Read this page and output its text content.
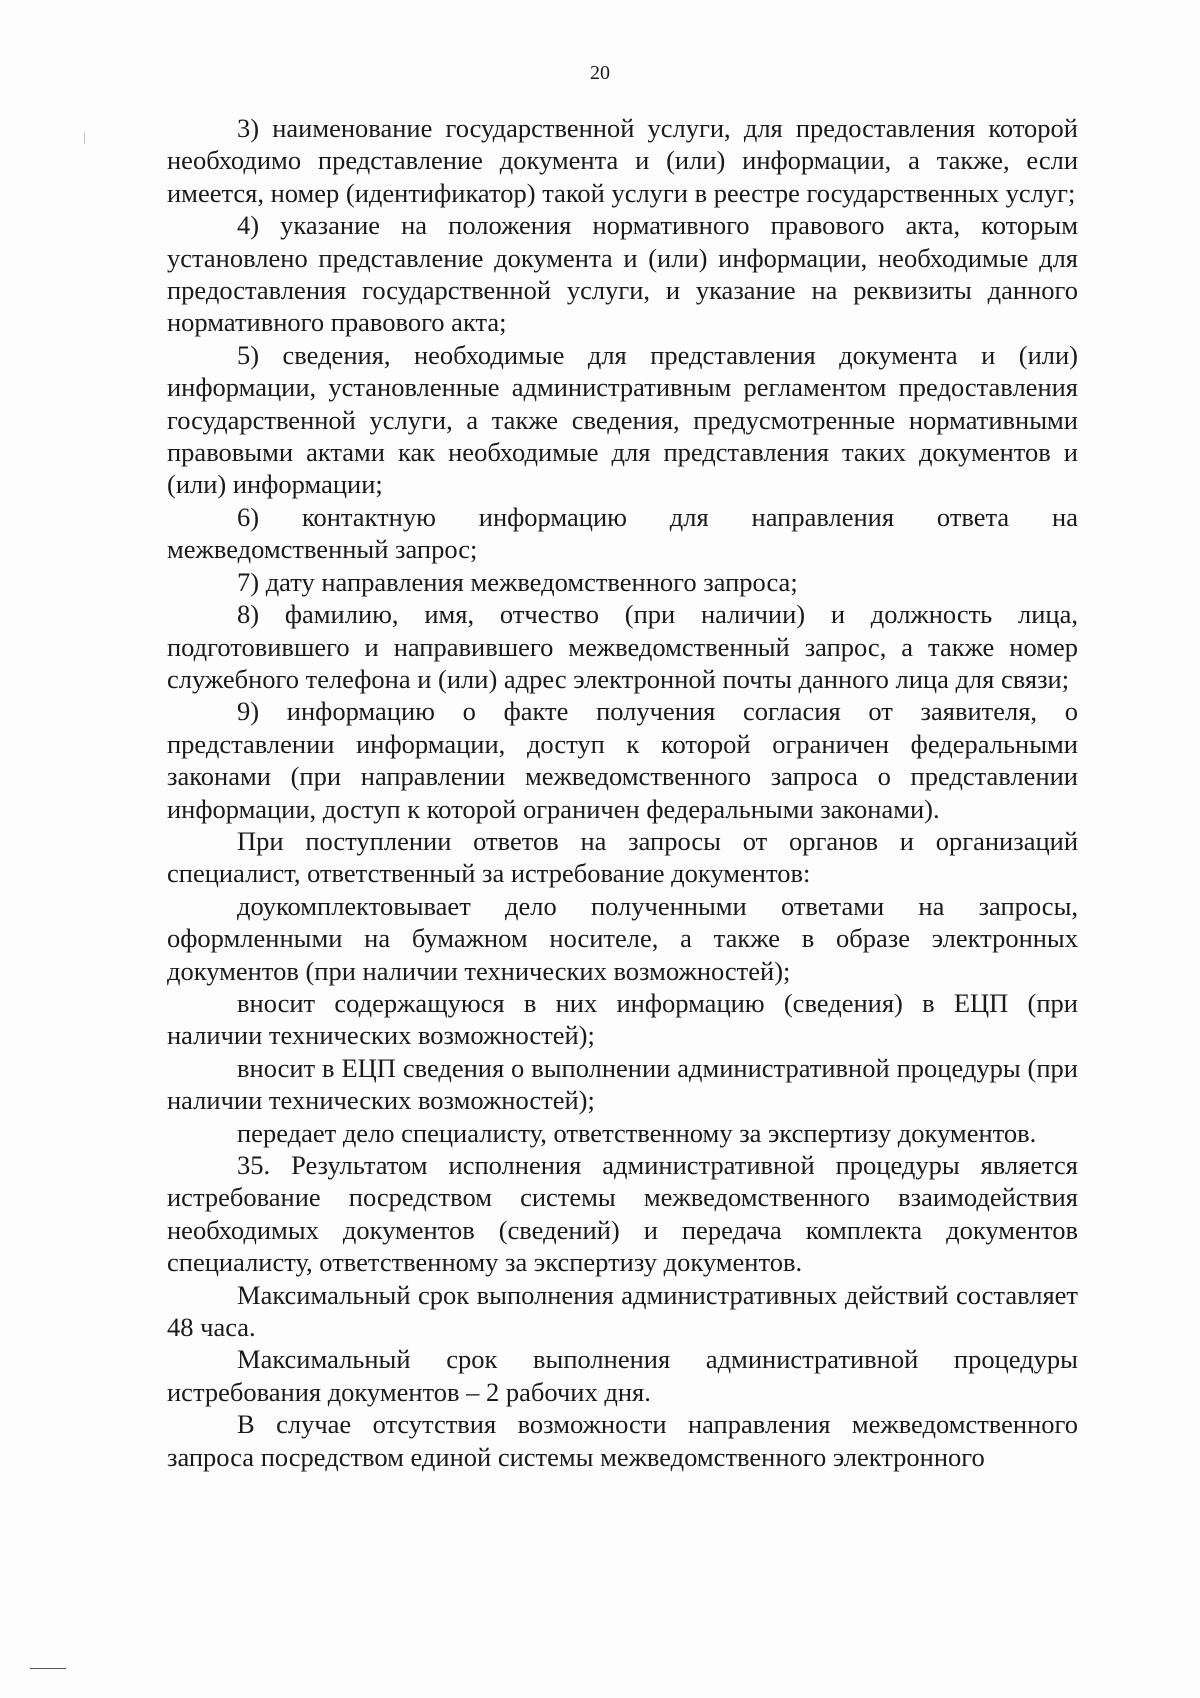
20

3) наименование государственной услуги, для предоставления которой необходимо представление документа и (или) информации, а также, если имеется, номер (идентификатор) такой услуги в реестре государственных услуг;

4) указание на положения нормативного правового акта, которым установлено представление документа и (или) информации, необходимые для предоставления государственной услуги, и указание на реквизиты данного нормативного правового акта;

5) сведения, необходимые для представления документа и (или) информации, установленные административным регламентом предоставления государственной услуги, а также сведения, предусмотренные нормативными правовыми актами как необходимые для представления таких документов и (или) информации;

6) контактную информацию для направления ответа на межведомственный запрос;

7) дату направления межведомственного запроса;

8) фамилию, имя, отчество (при наличии) и должность лица, подготовившего и направившего межведомственный запрос, а также номер служебного телефона и (или) адрес электронной почты данного лица для связи;

9) информацию о факте получения согласия от заявителя, о представлении информации, доступ к которой ограничен федеральными законами (при направлении межведомственного запроса о представлении информации, доступ к которой ограничен федеральными законами).

При поступлении ответов на запросы от органов и организаций специалист, ответственный за истребование документов:

доукомплектовывает дело полученными ответами на запросы, оформленными на бумажном носителе, а также в образе электронных документов (при наличии технических возможностей);

вносит содержащуюся в них информацию (сведения) в ЕЦП (при наличии технических возможностей);

вносит в ЕЦП сведения о выполнении административной процедуры (при наличии технических возможностей);

передает дело специалисту, ответственному за экспертизу документов.

35. Результатом исполнения административной процедуры является истребование посредством системы межведомственного взаимодействия необходимых документов (сведений) и передача комплекта документов специалисту, ответственному за экспертизу документов.

Максимальный срок выполнения административных действий составляет 48 часа.

Максимальный срок выполнения административной процедуры истребования документов – 2 рабочих дня.

В случае отсутствия возможности направления межведомственного запроса посредством единой системы межведомственного электронного
